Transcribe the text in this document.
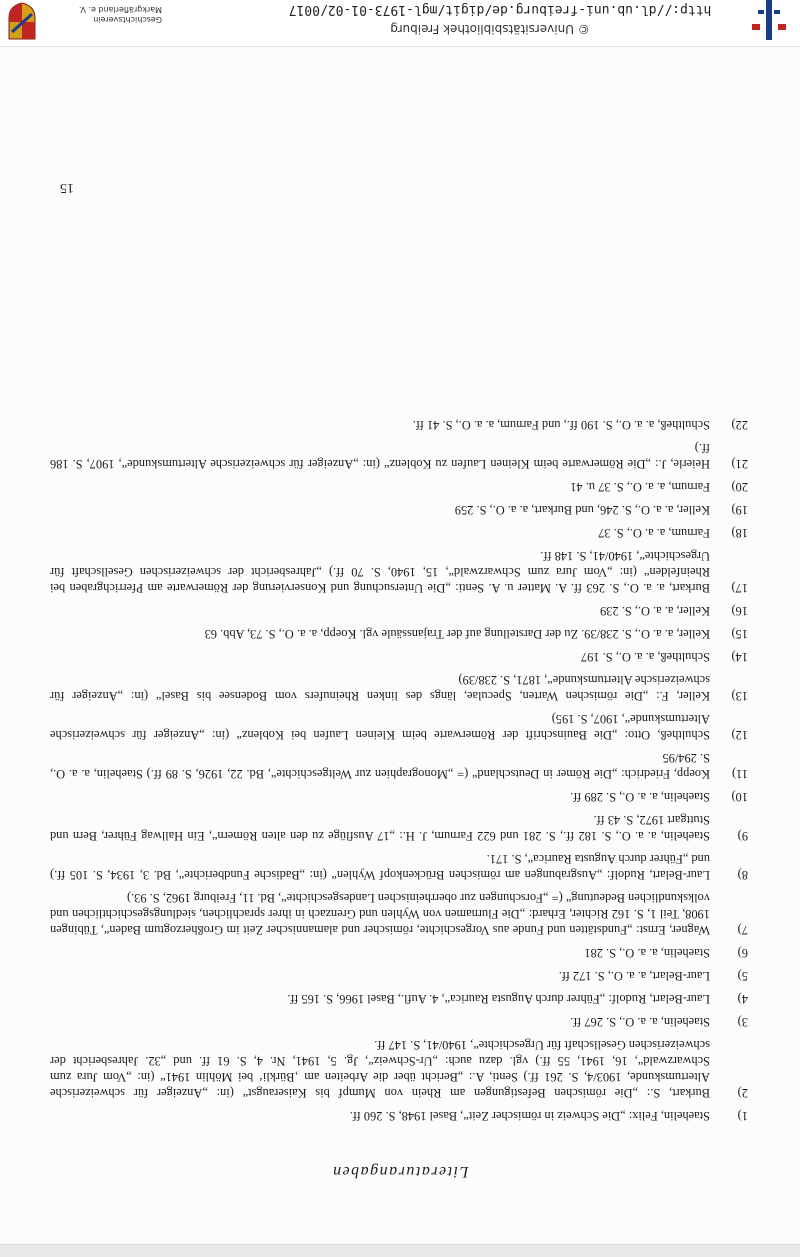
Geschichtsverein
Markgräflerland e. V.	http://dl.ub.uni-freiburg.de/digit/mgl-1973-01-02/0017
© Universitätsbibliothek Freiburg
Literaturangaben
1)
Staehelin, Felix: „Die Schweiz in römischer Zeit“, Basel 1948, S. 260 ff.
2)
Burkart, S.: „Die römischen Befestigungen am Rhein von Mumpf bis Kaiseraugst“ (in: „Anzeiger für schweizerische Altertumskunde, 1903/4, S. 261 ff.) Senti, A.: „Bericht über die Arbeiten am ‚Bürkli‘ bei Möhlin 1941“ (in: „Vom Jura zum Schwarzwald“, 16, 1941, 55 ff.) vgl. dazu auch: „Ur-Schweiz“, Jg. 5, 1941, Nr. 4, S. 61 ff. und „32. Jahresbericht der schweizerischen Gesellschaft für Urgeschichte“, 1940/41, S. 147 ff.
3)
Staehelin, a. a. O., S. 267 ff.
4)
Laur-Belart, Rudolf: „Führer durch Augusta Raurica“, 4. Aufl., Basel 1966, S. 165 ff.
5)
Laur-Belart, a. a. O., S. 172 ff.
6)
Staehelin, a. a. O., S. 281
7)
Wagner, Ernst: „Fundstätten und Funde aus Vorgeschichte, römischer und alamannischer Zeit im Großherzogtum Baden“, Tübingen 1908, Teil 1, S. 162 Richter, Erhard: „Die Flurnamen von Wyhlen und Grenzach in ihrer sprachlichen, siedlungsgeschichtlichen und volkskundlichen Bedeutung“ (= „Forschungen zur oberrheinischen Landesgeschichte“, Bd. 11, Freiburg 1962, S. 93.)
8)
Laur-Belart, Rudolf: „Ausgrabungen am römischen Brückenkopf Wyhlen“ (in: „Badische Fundberichte“, Bd. 3, 1934, S. 105 ff.) und „Führer durch Augusta Raurica“, S. 171.
9)
Staehelin, a. a. O., S. 182 ff., S. 281 und 622 Farnum, J. H.: „17 Ausflüge zu den alten Römern“, Ein Hallwag Führer, Bern und Stuttgart 1972, S. 43 ff.
10)
Staehelin, a. a. O., S. 289 ff.
11)
Koepp, Friedrich: „Die Römer in Deutschland“ (= „Monographien zur Weltgeschichte“, Bd. 22, 1926, S. 89 ff.) Staehelin, a. a. O., S. 294/95
12)
Schultheß, Otto: „Die Bauinschrift der Römerwarte beim Kleinen Laufen bei Koblenz“ (in: „Anzeiger für schweizerische Altertumskunde“, 1907, S. 195)
13)
Keller, F.: „Die römischen Warten, Speculae, längs des linken Rheinufers vom Bodensee bis Basel“ (in: „Anzeiger für schweizerische Altertumskunde“, 1871, S. 238/39)
14)
Schultheß, a. a. O., S. 197
15)
Keller, a. a. O., S. 238/39. Zu der Darstellung auf der Trajanssäule vgl. Koepp, a. a. O., S. 73, Abb. 63
16)
Keller, a. a. O., S. 239
17)
Burkart, a. a. O., S. 263 ff. A. Matter u. A. Senti: „Die Untersuchung und Konservierung der Römerwarte am Pferrichgraben bei Rheinfelden“ (in: „Vom Jura zum Schwarzwald“, 15, 1940, S. 70 ff.) „Jahresbericht der schweizerischen Gesellschaft für Urgeschichte“, 1940/41, S. 148 ff.
18)
Farnum, a. a. O., S. 37
19)
Keller, a. a. O., S. 246, und Burkart, a. a. O., S. 259
20)
Farnum, a. a. O., S. 37 u. 41
21)
Heierle, J.: „Die Römerwarte beim Kleinen Laufen zu Koblenz“ (in: „Anzeiger für schweizerische Altertumskunde“, 1907, S. 186 ff.)
22)
Schultheß, a. a. O., S. 190 ff., und Farnum, a. a. O., S. 41 ff.
15
